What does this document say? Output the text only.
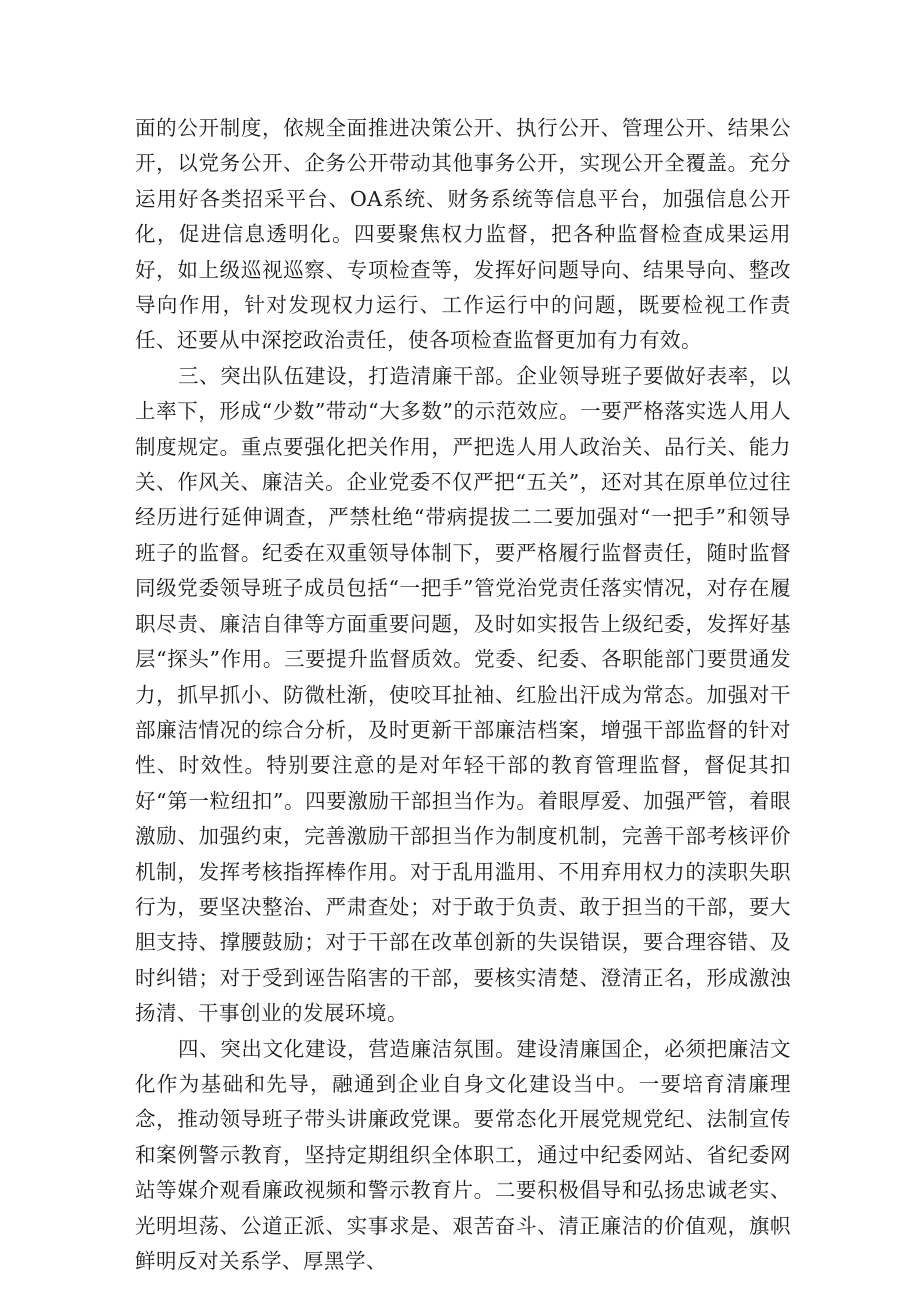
面的公开制度，依规全面推进决策公开、执行公开、管理公开、结果公开，以党务公开、企务公开带动其他事务公开，实现公开全覆盖。充分运用好各类招采平台、OA系统、财务系统等信息平台，加强信息公开化，促进信息透明化。四要聚焦权力监督，把各种监督检查成果运用好，如上级巡视巡察、专项检查等，发挥好问题导向、结果导向、整改导向作用，针对发现权力运行、工作运行中的问题，既要检视工作责任、还要从中深挖政治责任，使各项检查监督更加有力有效。

三、突出队伍建设，打造清廉干部。企业领导班子要做好表率，以上率下，形成“少数”带动“大多数”的示范效应。一要严格落实选人用人制度规定。重点要强化把关作用，严把选人用人政治关、品行关、能力关、作风关、廉洁关。企业党委不仅严把“五关”，还对其在原单位过往经历进行延伸调查，严禁杜绝“带病提拔二二要加强对“一把手”和领导班子的监督。纪委在双重领导体制下，要严格履行监督责任，随时监督同级党委领导班子成员包括“一把手”管党治党责任落实情况，对存在履职尽责、廉洁自律等方面重要问题，及时如实报告上级纪委，发挥好基层“探头”作用。三要提升监督质效。党委、纪委、各职能部门要贯通发力，抓早抓小、防微杜渐，使咬耳扯袖、红脸出汗成为常态。加强对干部廉洁情况的综合分析，及时更新干部廉洁档案，增强干部监督的针对性、时效性。特别要注意的是对年轻干部的教育管理监督，督促其扣好“第一粒纽扣”。四要激励干部担当作为。着眼厚爱、加强严管，着眼激励、加强约束，完善激励干部担当作为制度机制，完善干部考核评价机制，发挥考核指挥棒作用。对于乱用滥用、不用弃用权力的渎职失职行为，要坚决整治、严肃查处；对于敢于负责、敢于担当的干部，要大胆支持、撑腰鼓励；对于干部在改革创新的失误错误，要合理容错、及时纠错；对于受到诬告陷害的干部，要核实清楚、澄清正名，形成激浊扬清、干事创业的发展环境。

四、突出文化建设，营造廉洁氛围。建设清廉国企，必须把廉洁文化作为基础和先导，融通到企业自身文化建设当中。一要培育清廉理念，推动领导班子带头讲廉政党课。要常态化开展党规党纪、法制宣传和案例警示教育，坚持定期组织全体职工，通过中纪委网站、省纪委网站等媒介观看廉政视频和警示教育片。二要积极倡导和弘扬忠诚老实、光明坦荡、公道正派、实事求是、艰苦奋斗、清正廉洁的价值观，旗帜鲜明反对关系学、厚黑学、
